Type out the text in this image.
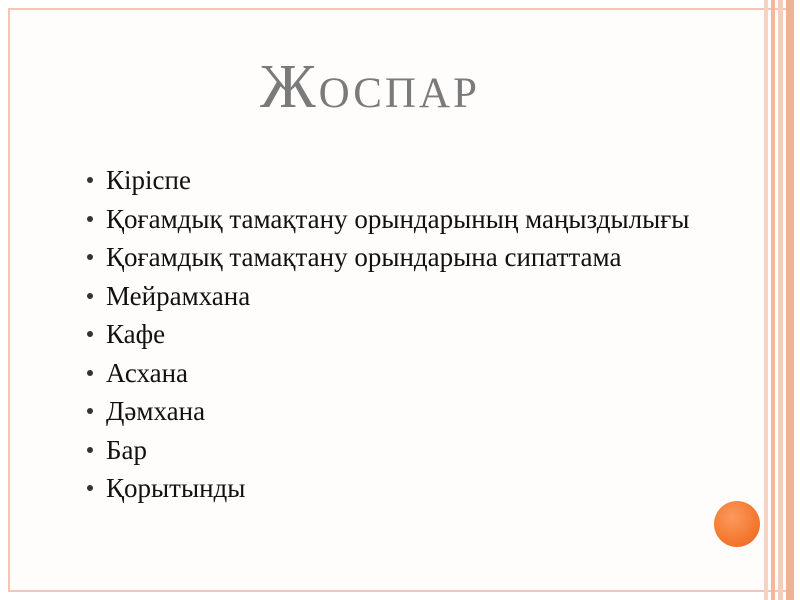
Жоспар
Кіріспе
Қоғамдық тамақтану орындарының маңыздылығы
Қоғамдық тамақтану орындарына сипаттама
Мейрамхана
Кафе
Асхана
Дәмхана
Бар
Қорытынды
